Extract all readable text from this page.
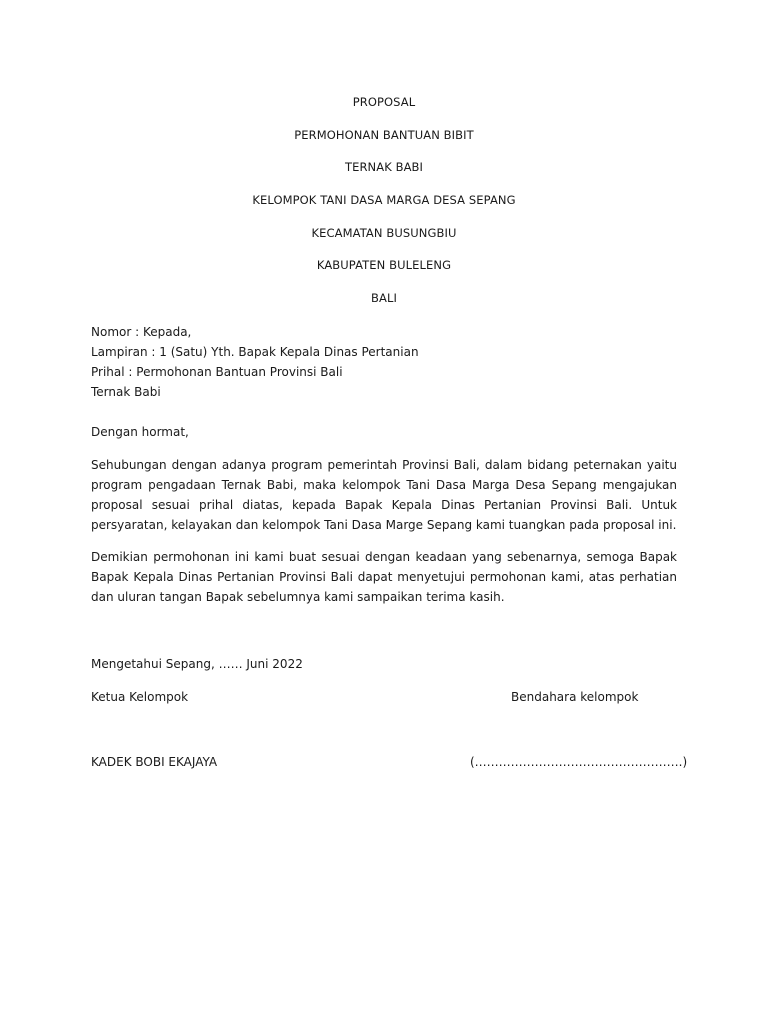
PROPOSAL
PERMOHONAN BANTUAN BIBIT
TERNAK BABI
KELOMPOK TANI DASA MARGA DESA SEPANG
KECAMATAN BUSUNGBIU
KABUPATEN BULELENG
BALI
Nomor : Kepada,
Lampiran : 1 (Satu) Yth. Bapak Kepala Dinas Pertanian
Prihal : Permohonan Bantuan Provinsi Bali
Ternak Babi
Dengan hormat,

Sehubungan dengan adanya program pemerintah Provinsi Bali, dalam bidang peternakan yaitu program pengadaan Ternak Babi, maka kelompok Tani Dasa Marga Desa Sepang mengajukan proposal sesuai prihal diatas, kepada Bapak Kepala Dinas Pertanian Provinsi Bali. Untuk persyaratan, kelayakan dan kelompok Tani Dasa Marge Sepang kami tuangkan pada proposal ini.

Demikian permohonan ini kami buat sesuai dengan keadaan yang sebenarnya, semoga Bapak Bapak Kepala Dinas Pertanian Provinsi Bali dapat menyetujui permohonan kami, atas perhatian dan uluran tangan Bapak sebelumnya kami sampaikan terima kasih.

Mengetahui Sepang, …… Juni 2022
Ketua Kelompok	Bendahara kelompok
KADEK BOBI EKAJAYA	(…………………………………………….)
